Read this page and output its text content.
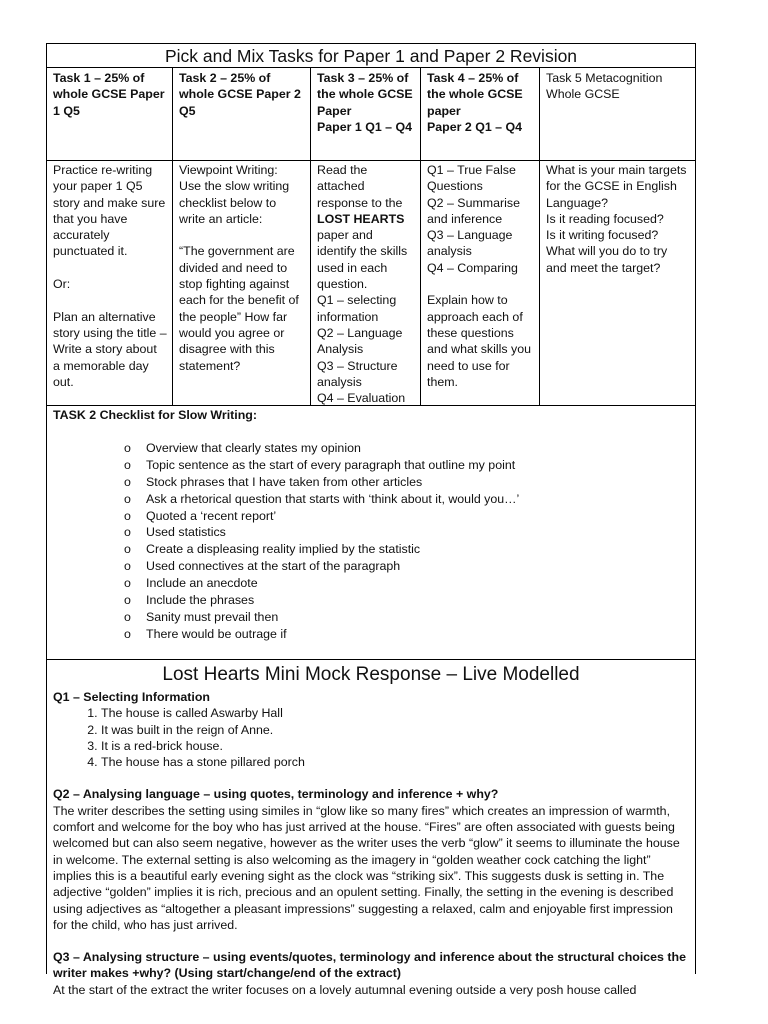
Pick and Mix Tasks for Paper 1 and Paper 2 Revision
Task 1 – 25% of whole GCSE Paper 1 Q5
Task 2 – 25% of whole GCSE Paper 2 Q5
Task 3 – 25% of the whole GCSE Paper
Paper 1 Q1 – Q4
Task 4 – 25% of the whole GCSE paper
Paper 2 Q1 – Q4
Task 5 Metacognition Whole GCSE
Practice re-writing your paper 1 Q5 story and make sure that you have accurately punctuated it.

Or:

Plan an alternative story using the title – Write a story about a memorable day out.
Viewpoint Writing:
Use the slow writing checklist below to write an article:

“The government are divided and need to stop fighting against each for the benefit of the people” How far would you agree or disagree with this statement?
Read the attached response to the LOST HEARTS paper and identify the skills used in each question.
Q1 – selecting information
Q2 – Language Analysis
Q3 – Structure analysis
Q4 – Evaluation
Q1 – True False Questions
Q2 – Summarise and inference
Q3 – Language analysis
Q4 – Comparing

Explain how to approach each of these questions and what skills you need to use for them.
What is your main targets for the GCSE in English Language?
Is it reading focused?
Is it writing focused?
What will you do to try and meet the target?
TASK 2 Checklist for Slow Writing:
o Overview that clearly states my opinion
o Topic sentence as the start of every paragraph that outline my point
o Stock phrases that I have taken from other articles
o Ask a rhetorical question that starts with ‘think about it, would you…’
o Quoted a ‘recent report’
o Used statistics
o Create a displeasing reality implied by the statistic
o Used connectives at the start of the paragraph
o Include an anecdote
o Include the phrases
o Sanity must prevail then
o There would be outrage if
Lost Hearts Mini Mock Response – Live Modelled
Q1 – Selecting Information
1. The house is called Aswarby Hall
2. It was built in the reign of Anne.
3. It is a red-brick house.
4. The house has a stone pillared porch
Q2 – Analysing language – using quotes, terminology and inference + why?

The writer describes the setting using similes in “glow like so many fires” which creates an impression of warmth, comfort and welcome for the boy who has just arrived at the house. “Fires” are often associated with guests being welcomed but can also seem negative, however as the writer uses the verb “glow” it seems to illuminate the house in welcome. The external setting is also welcoming as the imagery in “golden weather cock catching the light” implies this is a beautiful early evening sight as the clock was “striking six”. This suggests dusk is setting in. The adjective “golden” implies it is rich, precious and an opulent setting. Finally, the setting in the evening is described using adjectives as “altogether a pleasant impressions” suggesting a relaxed, calm and enjoyable first impression for the child, who has just arrived.

Q3 – Analysing structure – using events/quotes, terminology and inference about the structural choices the writer makes +why? (Using start/change/end of the extract)

At the start of the extract the writer focuses on a lovely autumnal evening outside a very posh house called
